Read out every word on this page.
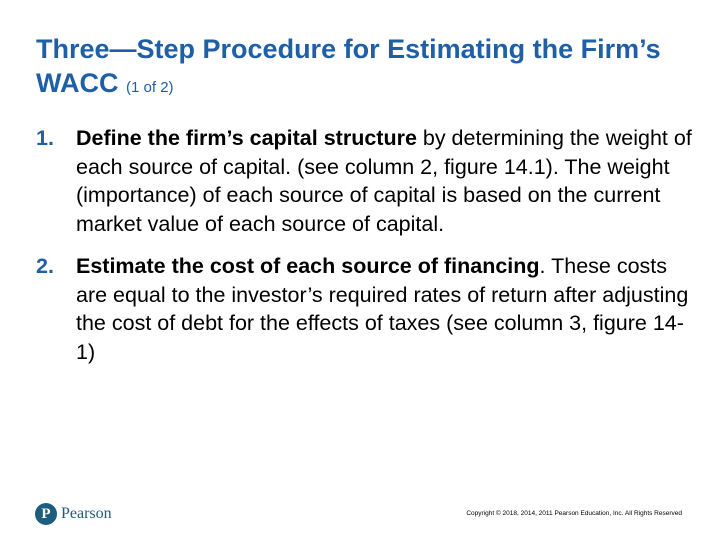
Three—Step Procedure for Estimating the Firm’s WACC (1 of 2)
1. Define the firm’s capital structure by determining the weight of each source of capital. (see column 2, figure 14.1). The weight (importance) of each source of capital is based on the current market value of each source of capital.
2. Estimate the cost of each source of financing. These costs are equal to the investor’s required rates of return after adjusting the cost of debt for the effects of taxes (see column 3, figure 14-1)
P Pearson	Copyright © 2018, 2014, 2011 Pearson Education, Inc. All Rights Reserved
